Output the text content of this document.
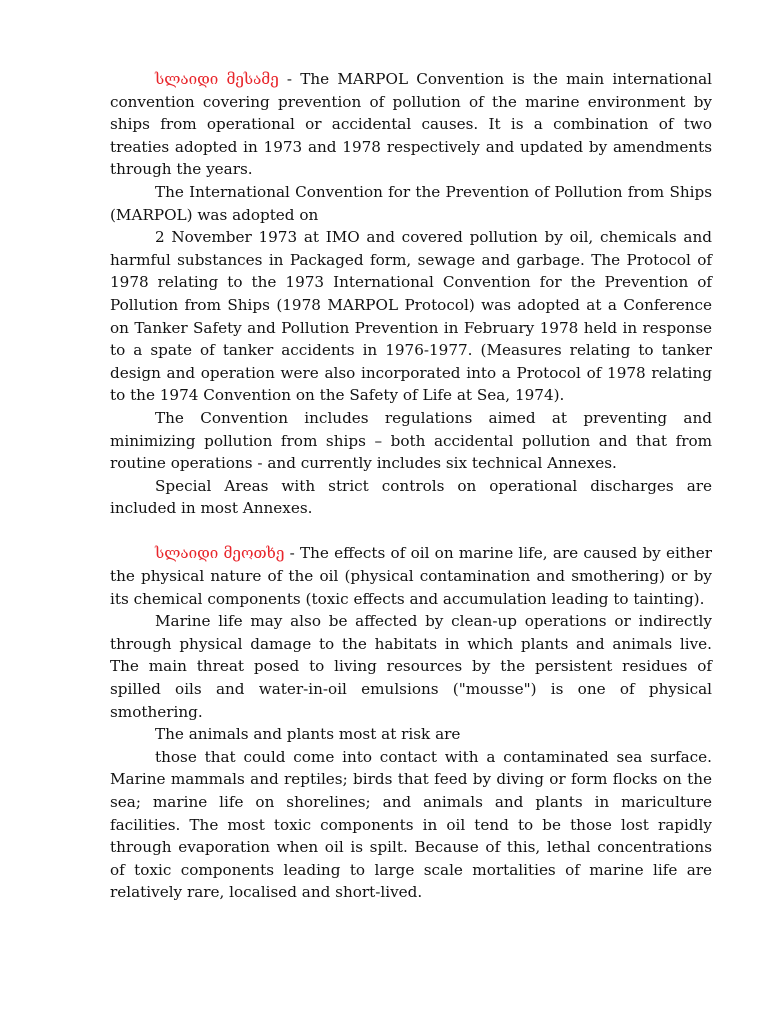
სლაიდი მესამე - The MARPOL Convention is the main international convention covering prevention of pollution of the marine environment by ships from operational or accidental causes. It is a combination of two treaties adopted in 1973 and 1978 respectively and updated by amendments through the years.

The International Convention for the Prevention of Pollution from Ships (MARPOL) was adopted on

2 November 1973 at IMO and covered pollution by oil, chemicals and harmful substances in Packaged form, sewage and garbage. The Protocol of 1978 relating to the 1973 International Convention for the Prevention of Pollution from Ships (1978 MARPOL Protocol) was adopted at a Conference on Tanker Safety and Pollution Prevention in February 1978 held in response to a spate of tanker accidents in 1976-1977. (Measures relating to tanker design and operation were also incorporated into a Protocol of 1978 relating to the 1974 Convention on the Safety of Life at Sea, 1974).

The Convention includes regulations aimed at preventing and minimizing pollution from ships – both accidental pollution and that from routine operations - and currently includes six technical Annexes.

Special Areas with strict controls on operational discharges are included in most Annexes.

სლაიდი მეოთხე - The effects of oil on marine life, are caused by either the physical nature of the oil (physical contamination and smothering) or by its chemical components (toxic effects and accumulation leading to tainting).

Marine life may also be affected by clean-up operations or indirectly through physical damage to the habitats in which plants and animals live. The main threat posed to living resources by the persistent residues of spilled oils and water-in-oil emulsions ("mousse") is one of physical smothering.

The animals and plants most at risk are

those that could come into contact with a contaminated sea surface. Marine mammals and reptiles; birds that feed by diving or form flocks on the sea; marine life on shorelines; and animals and plants in mariculture facilities. The most toxic components in oil tend to be those lost rapidly through evaporation when oil is spilt. Because of this, lethal concentrations of toxic components leading to large scale mortalities of marine life are relatively rare, localised and short-lived.
